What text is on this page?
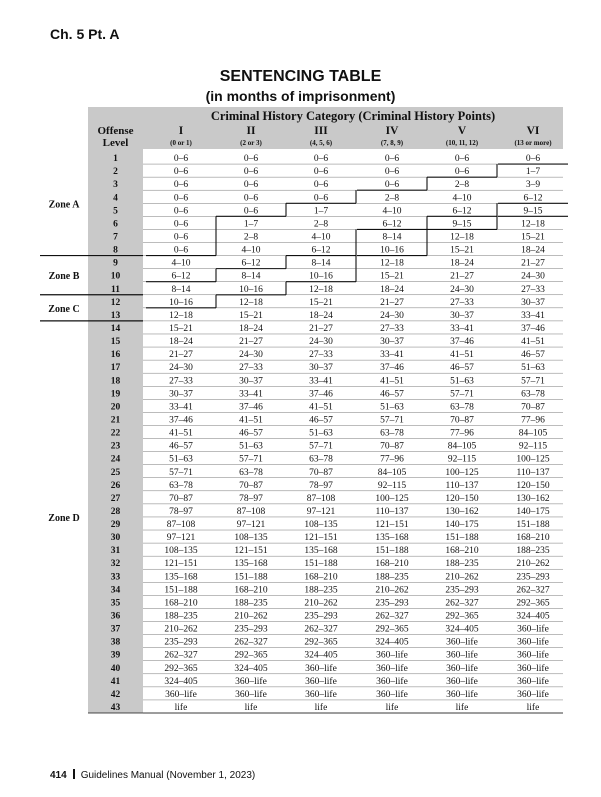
Ch. 5 Pt. A
SENTENCING TABLE
(in months of imprisonment)
Criminal History Category (Criminal History Points)
Offense
Level
I
(0 or 1)
II
(2 or 3)
III
(4, 5, 6)
IV
(7, 8, 9)
V
(10, 11, 12)
VI
(13 or more)
1	0–6	0–6	0–6	0–6	0–6	0–6
2	0–6	0–6	0–6	0–6	0–6	1–7
3	0–6	0–6	0–6	0–6	2–8	3–9
4	0–6	0–6	0–6	2–8	4–10	6–12
5	0–6	0–6	1–7	4–10	6–12	9–15
6	0–6	1–7	2–8	6–12	9–15	12–18
7	0–6	2–8	4–10	8–14	12–18	15–21
8	0–6	4–10	6–12	10–16	15–21	18–24
9	4–10	6–12	8–14	12–18	18–24	21–27
10	6–12	8–14	10–16	15–21	21–27	24–30
11	8–14	10–16	12–18	18–24	24–30	27–33
12	10–16	12–18	15–21	21–27	27–33	30–37
13	12–18	15–21	18–24	24–30	30–37	33–41
14	15–21	18–24	21–27	27–33	33–41	37–46
15	18–24	21–27	24–30	30–37	37–46	41–51
16	21–27	24–30	27–33	33–41	41–51	46–57
17	24–30	27–33	30–37	37–46	46–57	51–63
18	27–33	30–37	33–41	41–51	51–63	57–71
19	30–37	33–41	37–46	46–57	57–71	63–78
20	33–41	37–46	41–51	51–63	63–78	70–87
21	37–46	41–51	46–57	57–71	70–87	77–96
22	41–51	46–57	51–63	63–78	77–96	84–105
23	46–57	51–63	57–71	70–87	84–105	92–115
24	51–63	57–71	63–78	77–96	92–115	100–125
25	57–71	63–78	70–87	84–105	100–125	110–137
26	63–78	70–87	78–97	92–115	110–137	120–150
27	70–87	78–97	87–108	100–125	120–150	130–162
28	78–97	87–108	97–121	110–137	130–162	140–175
29	87–108	97–121	108–135	121–151	140–175	151–188
30	97–121	108–135	121–151	135–168	151–188	168–210
31	108–135	121–151	135–168	151–188	168–210	188–235
32	121–151	135–168	151–188	168–210	188–235	210–262
33	135–168	151–188	168–210	188–235	210–262	235–293
34	151–188	168–210	188–235	210–262	235–293	262–327
35	168–210	188–235	210–262	235–293	262–327	292–365
36	188–235	210–262	235–293	262–327	292–365	324–405
37	210–262	235–293	262–327	292–365	324–405	360–life
38	235–293	262–327	292–365	324–405	360–life	360–life
39	262–327	292–365	324–405	360–life	360–life	360–life
40	292–365	324–405	360–life	360–life	360–life	360–life
41	324–405	360–life	360–life	360–life	360–life	360–life
42	360–life	360–life	360–life	360–life	360–life	360–life
43	life	life	life	life	life	life
Zone A
Zone B
Zone C
Zone D
414 Guidelines Manual (November 1, 2023)
